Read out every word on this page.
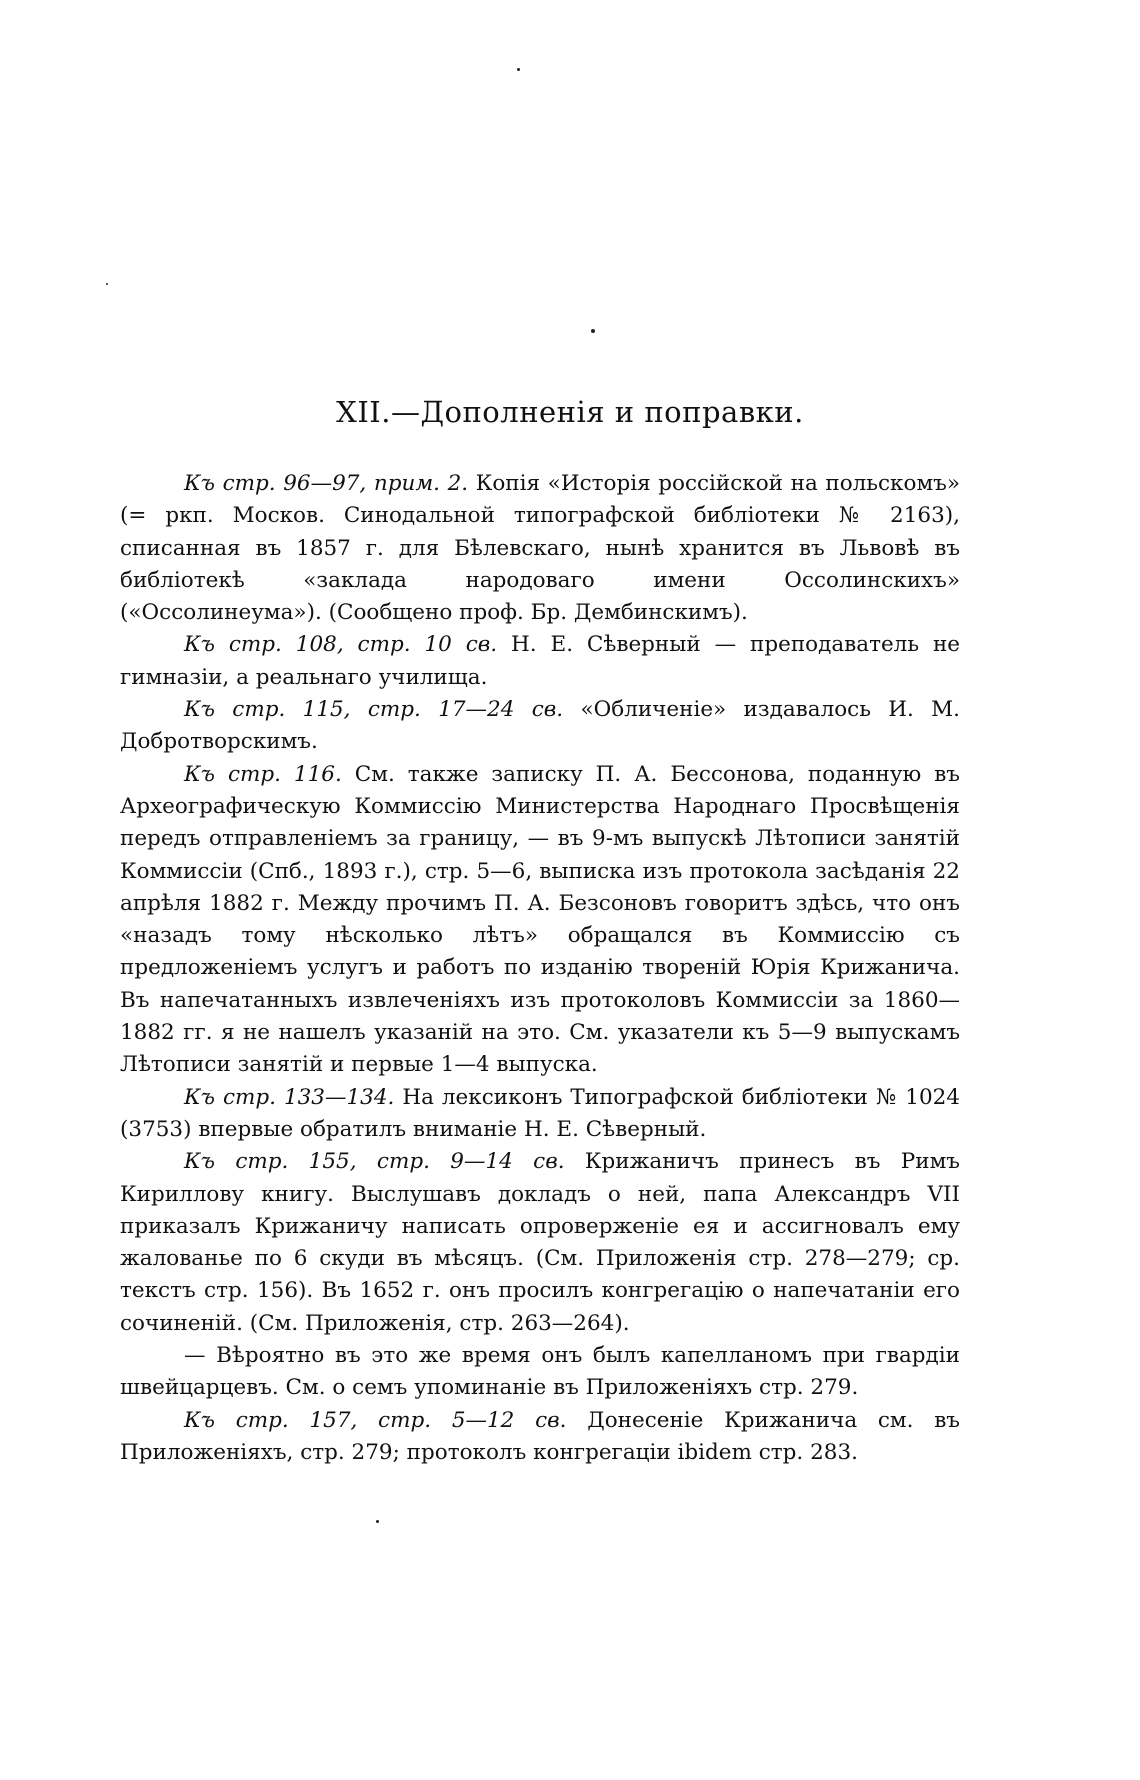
XII.—Дополненія и поправки.

Къ стр. 96—97, прим. 2. Копія «Исторія россійской на польскомъ» (= ркп. Москов. Синодальной типографской библіотеки № 2163), списанная въ 1857 г. для Бѣлевскаго, нынѣ хранится въ Львовѣ въ библіотекѣ «заклада народоваго имени Оссолинскихъ» («Оссолинеума»). (Сообщено проф. Бр. Дембинскимъ).

Къ стр. 108, стр. 10 св. Н. Е. Сѣверный — преподаватель не гимназіи, а реальнаго училища.

Къ стр. 115, стр. 17—24 св. «Обличеніе» издавалось И. М. Добротворскимъ.

Къ стр. 116. См. также записку П. А. Бессонова, поданную въ Археографическую Коммиссію Министерства Народнаго Просвѣщенія передъ отправленіемъ за границу, — въ 9-мъ выпускѣ Лѣтописи занятій Коммиссіи (Спб., 1893 г.), стр. 5—6, выписка изъ протокола засѣданія 22 апрѣля 1882 г. Между прочимъ П. А. Безсоновъ говоритъ здѣсь, что онъ «назадъ тому нѣсколько лѣтъ» обращался въ Коммиссію съ предложеніемъ услугъ и работъ по изданію твореній Юрія Крижанича. Въ напечатанныхъ извлеченіяхъ изъ протоколовъ Коммиссіи за 1860—1882 гг. я не нашелъ указаній на это. См. указатели къ 5—9 выпускамъ Лѣтописи занятій и первые 1—4 выпуска.

Къ стр. 133—134. На лексиконъ Типографской библіотеки № 1024 (3753) впервые обратилъ вниманіе Н. Е. Сѣверный.

Къ стр. 155, стр. 9—14 св. Крижаничъ принесъ въ Римъ Кириллову книгу. Выслушавъ докладъ о ней, папа Александръ VII приказалъ Крижаничу написать опроверженіе ея и ассигновалъ ему жалованье по 6 скуди въ мѣсяцъ. (См. Приложенія стр. 278—279; ср. текстъ стр. 156). Въ 1652 г. онъ просилъ конгрегацію о напечатаніи его сочиненій. (См. Приложенія, стр. 263—264).

— Вѣроятно въ это же время онъ былъ капелланомъ при гвардіи швейцарцевъ. См. о семъ упоминаніе въ Приложеніяхъ стр. 279.

Къ стр. 157, стр. 5—12 св. Донесеніе Крижанича см. въ Приложеніяхъ, стр. 279; протоколъ конгрегаціи ibidem стр. 283.
